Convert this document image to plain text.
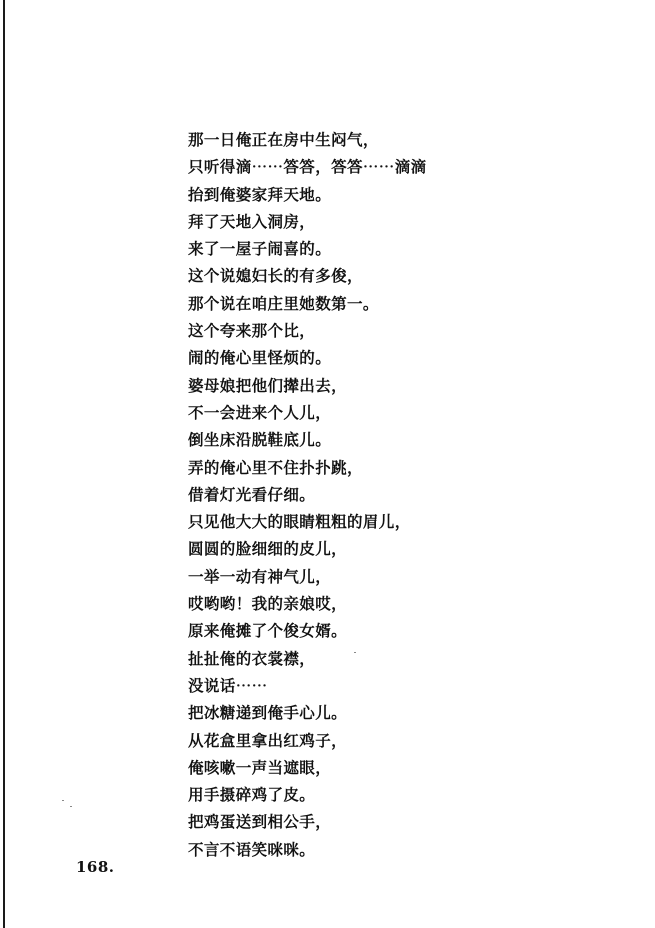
那一日俺正在房中生闷气，
只听得滴⋯⋯答答，答答⋯⋯滴滴
抬到俺婆家拜天地。
拜了天地入洞房，
来了一屋子闹喜的。
这个说媳妇长的有多俊，
那个说在咱庄里她数第一。
这个夸来那个比，
闹的俺心里怪烦的。
婆母娘把他们撵出去，
不一会进来个人儿，
倒坐床沿脱鞋底儿。
弄的俺心里不住扑扑跳，
借着灯光看仔细。
只见他大大的眼睛粗粗的眉儿，
圆圆的脸细细的皮儿，
一举一动有神气儿，
哎哟哟！我的亲娘哎，
原来俺摊了个俊女婿。
扯扯俺的衣裳襟，
没说话⋯⋯
把冰糖递到俺手心儿。
从花盒里拿出红鸡子，
俺咳嗽一声当遮眼，
用手摄碎鸡了皮。
把鸡蛋送到相公手，
不言不语笑咪咪。
168.
